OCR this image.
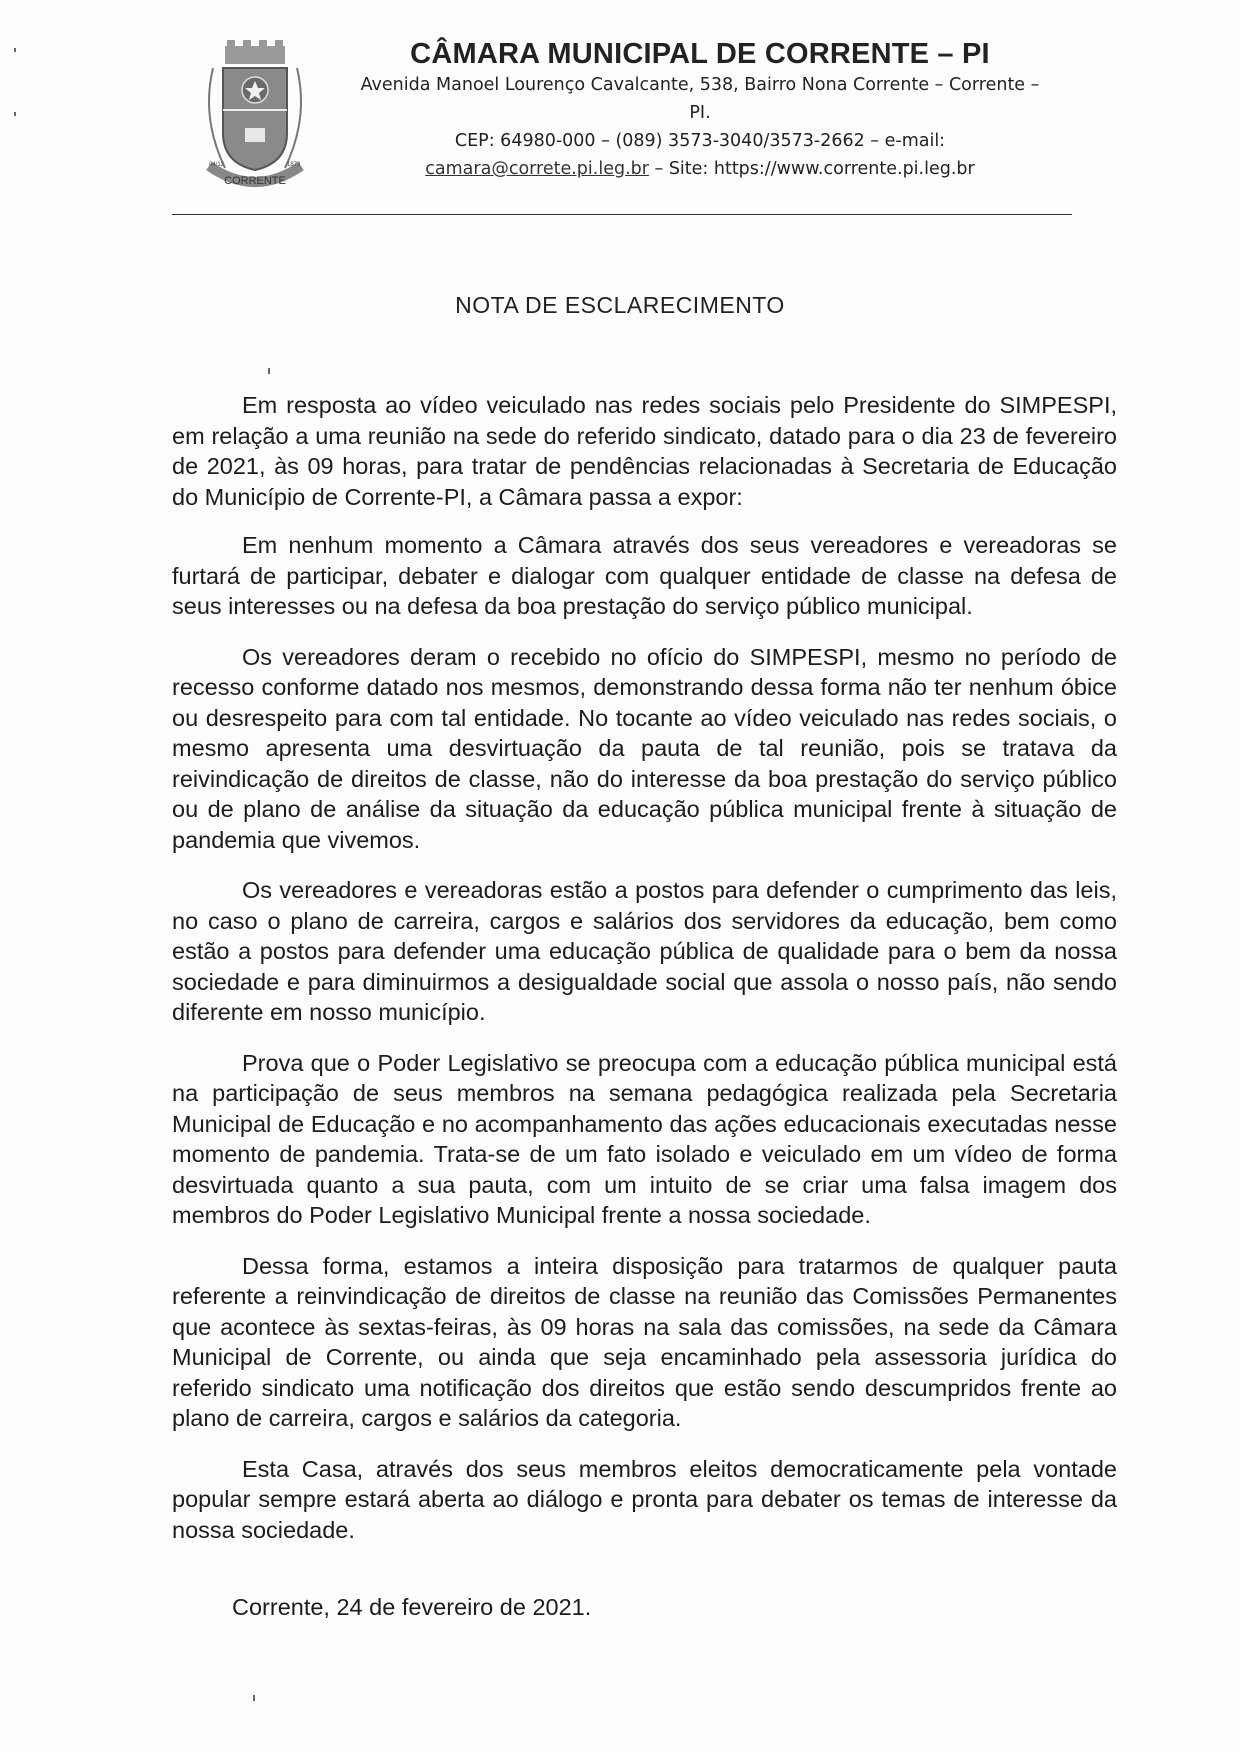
CORRENTE
04/12	1873
CÂMARA MUNICIPAL DE CORRENTE – PI
Avenida Manoel Lourenço Cavalcante, 538, Bairro Nona Corrente – Corrente –
PI.
CEP: 64980-000 – (089) 3573-3040/3573-2662 – e-mail:
camara@correte.pi.leg.br – Site: https://www.corrente.pi.leg.br
NOTA DE ESCLARECIMENTO

Em resposta ao vídeo veiculado nas redes sociais pelo Presidente do SIMPESPI, em relação a uma reunião na sede do referido sindicato, datado para o dia 23 de fevereiro de 2021, às 09 horas, para tratar de pendências relacionadas à Secretaria de Educação do Município de Corrente-PI, a Câmara passa a expor:

Em nenhum momento a Câmara através dos seus vereadores e vereadoras se furtará de participar, debater e dialogar com qualquer entidade de classe na defesa de seus interesses ou na defesa da boa prestação do serviço público municipal.

Os vereadores deram o recebido no ofício do SIMPESPI, mesmo no período de recesso conforme datado nos mesmos, demonstrando dessa forma não ter nenhum óbice ou desrespeito para com tal entidade. No tocante ao vídeo veiculado nas redes sociais, o mesmo apresenta uma desvirtuação da pauta de tal reunião, pois se tratava da reivindicação de direitos de classe, não do interesse da boa prestação do serviço público ou de plano de análise da situação da educação pública municipal frente à situação de pandemia que vivemos.

Os vereadores e vereadoras estão a postos para defender o cumprimento das leis, no caso o plano de carreira, cargos e salários dos servidores da educação, bem como estão a postos para defender uma educação pública de qualidade para o bem da nossa sociedade e para diminuirmos a desigualdade social que assola o nosso país, não sendo diferente em nosso município.

Prova que o Poder Legislativo se preocupa com a educação pública municipal está na participação de seus membros na semana pedagógica realizada pela Secretaria Municipal de Educação e no acompanhamento das ações educacionais executadas nesse momento de pandemia. Trata-se de um fato isolado e veiculado em um vídeo de forma desvirtuada quanto a sua pauta, com um intuito de se criar uma falsa imagem dos membros do Poder Legislativo Municipal frente a nossa sociedade.

Dessa forma, estamos a inteira disposição para tratarmos de qualquer pauta referente a reinvindicação de direitos de classe na reunião das Comissões Permanentes que acontece às sextas-feiras, às 09 horas na sala das comissões, na sede da Câmara Municipal de Corrente, ou ainda que seja encaminhado pela assessoria jurídica do referido sindicato uma notificação dos direitos que estão sendo descumpridos frente ao plano de carreira, cargos e salários da categoria.

Esta Casa, através dos seus membros eleitos democraticamente pela vontade popular sempre estará aberta ao diálogo e pronta para debater os temas de interesse da nossa sociedade.

Corrente, 24 de fevereiro de 2021.
